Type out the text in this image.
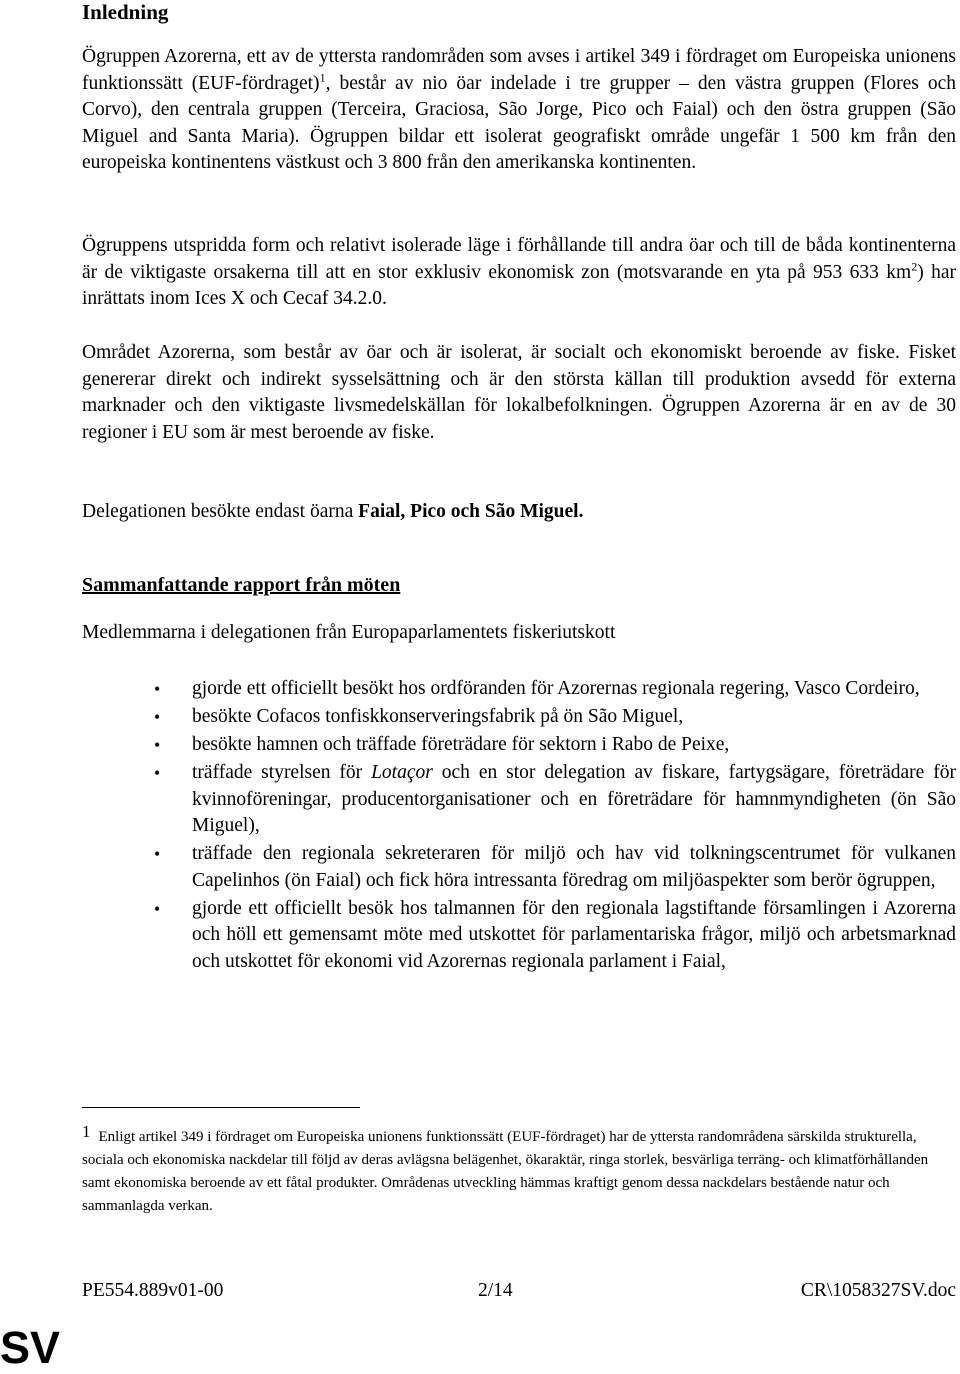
Inledning
Ögruppen Azorerna, ett av de yttersta randområden som avses i artikel 349 i fördraget om Europeiska unionens funktionssätt (EUF-fördraget)$^1$, består av nio öar indelade i tre grupper – den västra gruppen (Flores och Corvo), den centrala gruppen (Terceira, Graciosa, São Jorge, Pico och Faial) och den östra gruppen (São Miguel and Santa Maria). Ögruppen bildar ett isolerat geografiskt område ungefär 1 500 km från den europeiska kontinentens västkust och 3 800 från den amerikanska kontinenten.
Ögruppens utspridda form och relativt isolerade läge i förhållande till andra öar och till de båda kontinenterna är de viktigaste orsakerna till att en stor exklusiv ekonomisk zon (motsvarande en yta på 953 633 $km^2$) har inrättats inom Ices X och Cecaf 34.2.0.
Området Azorerna, som består av öar och är isolerat, är socialt och ekonomiskt beroende av fiske. Fisket genererar direkt och indirekt sysselsättning och är den största källan till produktion avsedd för externa marknader och den viktigaste livsmedelskällan för lokalbefolkningen. Ögruppen Azorerna är en av de 30 regioner i EU som är mest beroende av fiske.
Delegationen besökte endast öarna Faial, Pico och São Miguel.
Sammanfattande rapport från möten
Medlemmarna i delegationen från Europaparlamentets fiskeriutskott
• gjorde ett officiellt besökt hos ordföranden för Azorernas regionala regering, Vasco Cordeiro,
• besökte Cofacos tonfiskkonserveringsfabrik på ön São Miguel,
• besökte hamnen och träffade företrädare för sektorn i Rabo de Peixe,
• träffade styrelsen för Lotaçor och en stor delegation av fiskare, fartygsägare, företrädare för kvinnoföreningar, producentorganisationer och en företrädare för hamnmyndigheten (ön São Miguel),
• träffade den regionala sekreteraren för miljö och hav vid tolkningscentrumet för vulkanen Capelinhos (ön Faial) och fick höra intressanta föredrag om miljöaspekter som berör ögruppen,
• gjorde ett officiellt besök hos talmannen för den regionala lagstiftande församlingen i Azorerna och höll ett gemensamt möte med utskottet för parlamentariska frågor, miljö och arbetsmarknad och utskottet för ekonomi vid Azorernas regionala parlament i Faial,
1 Enligt artikel 349 i fördraget om Europeiska unionens funktionssätt (EUF-fördraget) har de yttersta randområdena särskilda strukturella, sociala och ekonomiska nackdelar till följd av deras avlägsna belägenhet, ökaraktär, ringa storlek, besvärliga terräng- och klimatförhållanden samt ekonomiska beroende av ett fåtal produkter. Områdenas utveckling hämmas kraftigt genom dessa nackdelars bestående natur och sammanlagda verkan.
PE554.889v01-00	2/14	CR\1058327SV.doc
SV
